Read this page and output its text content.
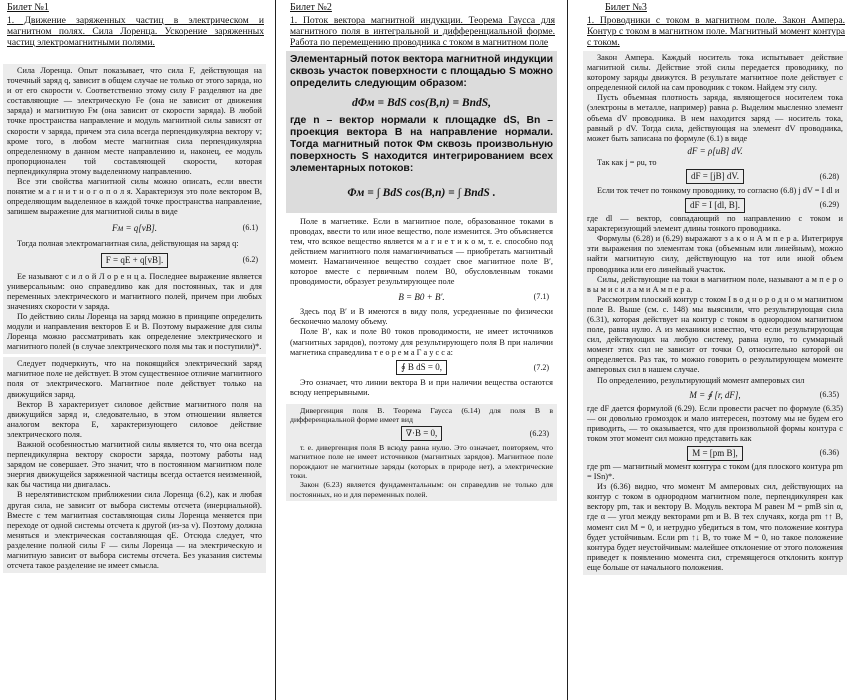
Билет №1
1. Движение заряженных частиц в электрическом и магнитном полях. Сила Лоренца. Ускорение заряженных частиц электромагнитными полями.

Сила Лоренца. Опыт показывает, что сила F, действующая на точечный заряд q, зависит в общем случае не только от этого заряда, но и от его скорости v. Соответственно этому силу F разделяют на две составляющие — электрическую Fe (она не зависит от движения заряда) и магнитную Fм (она зависит от скорости заряда). В любой точке пространства направление и модуль магнитной силы зависят от скорости v заряда, причем эта сила всегда перпендикулярна вектору v; кроме того, в любом месте магнитная сила перпендикулярна определенному в данном месте направлению и, наконец, ее модуль пропорционален той составляющей скорости, которая перпендикулярна этому выделенному направлению.

Все эти свойства магнитной силы можно описать, если ввести понятие м а г н и т н о г о п о л я. Характеризуя это поле вектором B, определяющим выделенное в каждой точке пространства направление, запишем выражение для магнитной силы в виде

Fм = q[vB].	(6.1)

Тогда полная электромагнитная сила, действующая на заряд q:

F = qE + q[vB].	(6.2)

Ее называют с и л о й Л о р е н ц а. Последнее выражение является универсальным: оно справедливо как для постоянных, так и для переменных электрического и магнитного полей, причем при любых значениях скорости v заряда.

По действию силы Лоренца на заряд можно в принципе определить модули и направления векторов E и B. Поэтому выражение для силы Лоренца можно рассматривать как определение электрического и магнитного полей (в случае электрического поля мы так и поступили)*.

Следует подчеркнуть, что на покоящийся электрический заряд магнитное поле не действует. В этом существенное отличие магнитного поля от электрического. Магнитное поле действует только на движущийся заряд.

Вектор B характеризует силовое действие магнитного поля на движущийся заряд и, следовательно, в этом отношении является аналогом вектора E, характеризующего силовое действие электрического поля.

Важной особенностью магнитной силы является то, что она всегда перпендикулярна вектору скорости заряда, поэтому работы над зарядом не совершает. Это значит, что в постоянном магнитном поле энергия движущейся заряженной частицы всегда остается неизменной, как бы частица ни двигалась.

В нерелятивистском приближении сила Лоренца (6.2), как и любая другая сила, не зависит от выбора системы отсчета (инерциальной). Вместе с тем магнитная составляющая силы Лоренца меняется при переходе от одной системы отсчета к другой (из-за v). Поэтому должна меняться и электрическая составляющая qE. Отсюда следует, что разделение полной силы F — силы Лоренца — на электрическую и магнитную зависит от выбора системы отсчета. Без указания системы отсчета такое разделение не имеет смысла.

Билет №2
1. Поток вектора магнитной индукции. Теорема Гаусса для магнитного поля в интегральной и дифференциальной форме. Работа по перемещению проводника с током в магнитном поле

Элементарный поток вектора магнитной индукции сквозь участок поверхности с площадью S можно определить следующим образом:

dΦм = BdS cos(B,n) = BndS,

где n – вектор нормали к площадке dS, Bn – проекция вектора B на направление нормали. Тогда магнитный поток Φм сквозь произвольную поверхность S находится интегрированием всех элементарных потоков:

Φм = ∫ BdS cos(B,n) = ∫ BndS .

Поле в магнетике. Если в магнитное поле, образованное токами в проводах, ввести то или иное вещество, поле изменится. Это объясняется тем, что всякое вещество является м а г н е т и к о м, т. е. способно под действием магнитного поля намагничиваться — приобретать магнитный момент. Намагниченное вещество создает свое магнитное поле B′, которое вместе с первичным полем B0, обусловленным токами проводимости, образует результирующее поле

B = B0 + B′.	(7.1)

Здесь под B′ и B имеются в виду поля, усредненные по физически бесконечно малому объему.

Поле B′, как и поле B0 токов проводимости, не имеет источников (магнитных зарядов), поэтому для результирующего поля B при наличии магнетика справедлива т е о р е м а Г а у с с а:

∮ B dS = 0,	(7.2)

Это означает, что линии вектора B и при наличии вещества остаются всюду непрерывными.

Дивергенция поля B. Теорема Гаусса (6.14) для поля B в дифференциальной форме имеет вид

∇·B = 0,	(6.23)

т. е. дивергенция поля B всюду равна нулю. Это означает, повторяем, что магнитное поле не имеет источников (магнитных зарядов). Магнитное поле порождают не магнитные заряды (которых в природе нет), а электрические токи.

Закон (6.23) является фундаментальным: он справедлив не только для постоянных, но и для переменных полей.

Билет №3
1. Проводники с током в магнитном поле. Закон Ампера. Контур с током в магнитном поле. Магнитный момент контура с током.

Закон Ампера. Каждый носитель тока испытывает действие магнитной силы. Действие этой силы передается проводнику, по которому заряды движутся. В результате магнитное поле действует с определенной силой на сам проводник с током. Найдем эту силу.

Пусть объемная плотность заряда, являющегося носителем тока (электроны в металле, например) равна ρ. Выделим мысленно элемент объема dV проводника. В нем находится заряд — носитель тока, равный ρ dV. Тогда сила, действующая на элемент dV проводника, может быть записана по формуле (6.1) в виде

dF = ρ[uB] dV.

Так как j = ρu, то

dF = [jB] dV.	(6.28)

Если ток течет по тонкому проводнику, то согласно (6.8) j dV = I dl и

dF = I [dl, B].	(6.29)

где dl — вектор, совпадающий по направлению с током и характеризующий элемент длины тонкого проводника.

Формулы (6.28) и (6.29) выражают з а к о н А м п е р а. Интегрируя эти выражения по элементам тока (объемным или линейным), можно найти магнитную силу, действующую на тот или иной объем проводника или его линейный участок.

Силы, действующие на токи в магнитном поле, называют а м п е р о в ы м и с и л а м и А м п е р а.

Рассмотрим плоский контур с током I в о д н о р о д н о м магнитном поле B. Выше (см. с. 148) мы выяснили, что результирующая сила (6.31), которая действует на контур с током в однородном магнитном поле, равна нулю. А из механики известно, что если результирующая сил, действующих на любую систему, равна нулю, то суммарный момент этих сил не зависит от точки O, относительно которой он определяется. Раз так, то можно говорить о результирующем моменте амперовых сил в нашем случае.

По определению, результирующий момент амперовых сил

M = ∮ [r, dF],	(6.35)

где dF дается формулой (6.29). Если провести расчет по формуле (6.35) — он довольно громоздок и мало интересен, поэтому мы не будем его приводить, — то оказывается, что для произвольной формы контура с током этот момент сил можно представить как

M = [pm B],	(6.36)

где pm — магнитный момент контура с током (для плоского контура pm = ISn)*.

Из (6.36) видно, что момент M амперовых сил, действующих на контур с током в однородном магнитном поле, перпендикулярен как вектору pm, так и вектору B. Модуль вектора M равен M = pmB sin α, где α — угол между векторами pm и B. В тех случаях, когда pm ↑↑ B, момент сил M = 0, и нетрудно убедиться в том, что положение контура будет устойчивым. Если pm ↑↓ B, то тоже M = 0, но такое положение контура будет неустойчивым: малейшее отклонение от этого положения приведет к появлению момента сил, стремящегося отклонить контур еще больше от начального положения.
